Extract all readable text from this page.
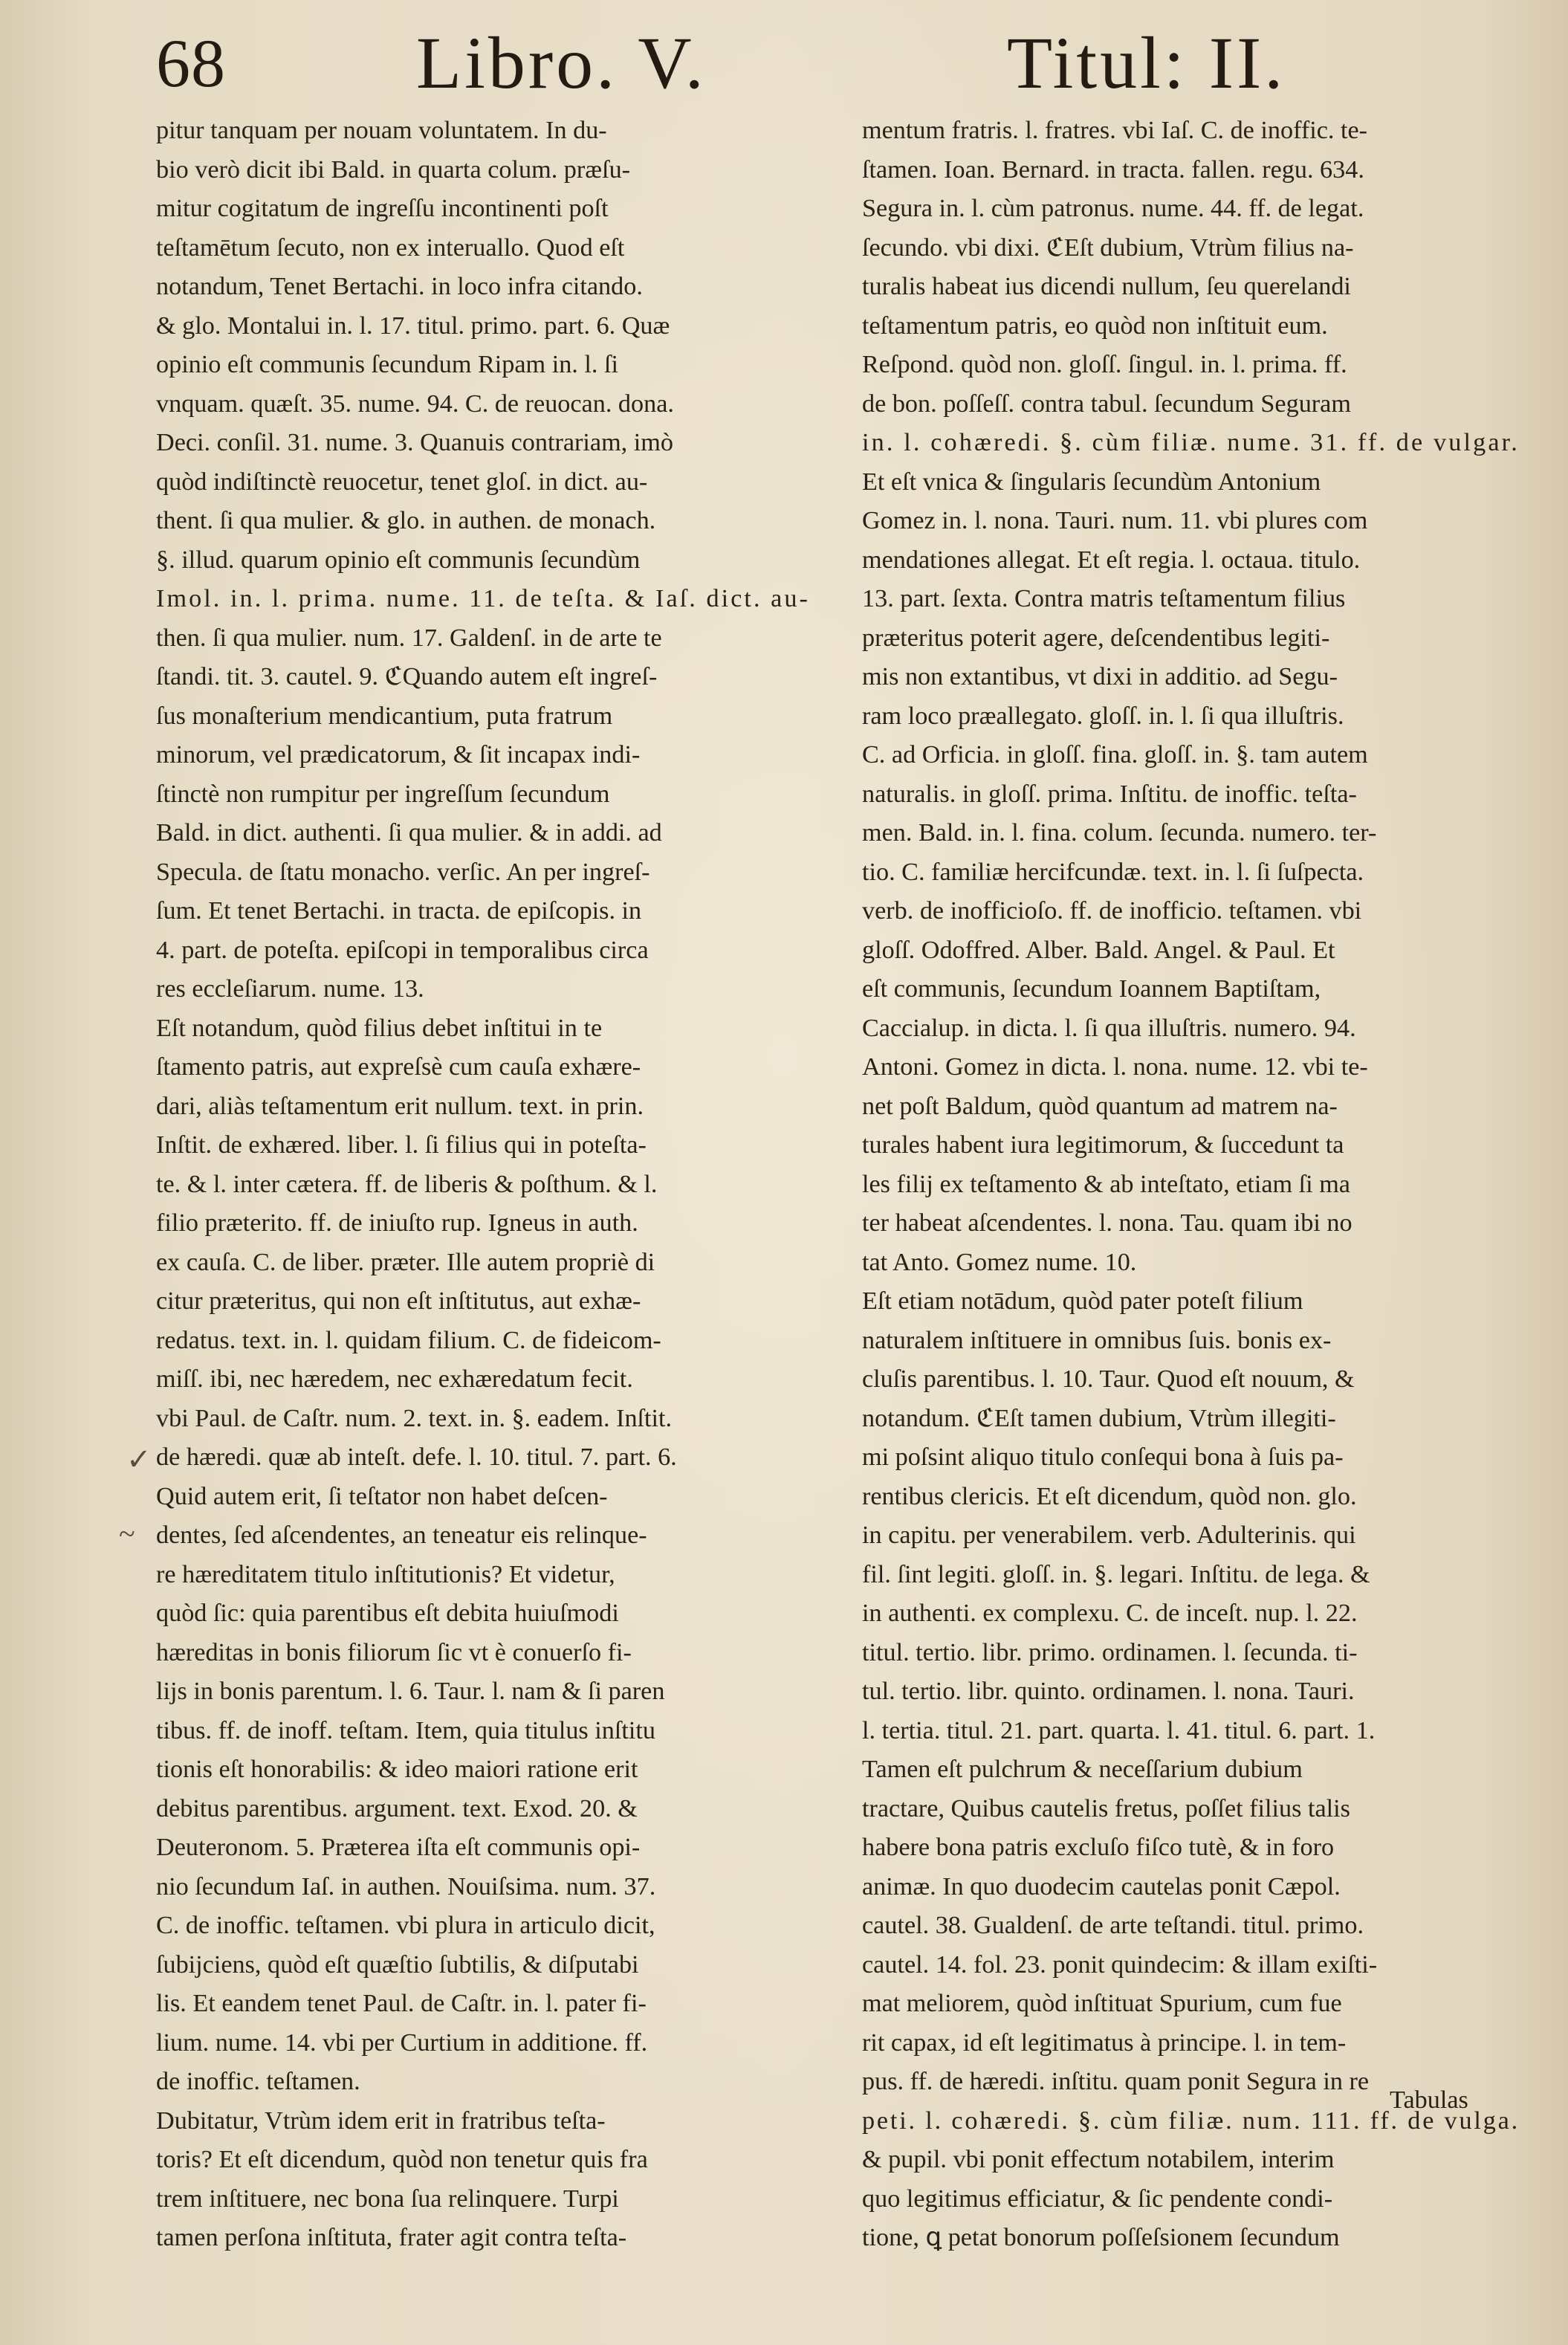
68	Libro. V.	Titul: II.
pitur tanquam per nouam voluntatem. In du-
bio verò dicit ibi Bald. in quarta colum. præſu-
mitur cogitatum de ingreſſu incontinenti poſt
teſtamētum ſecuto, non ex interuallo. Quod eſt
notandum, Tenet Bertachi. in loco infra citando.
& glo. Montalui in. l. 17. titul. primo. part. 6. Quæ
opinio eſt communis ſecundum Ripam in. l. ſi
vnquam. quæſt. 35. nume. 94. C. de reuocan. dona.
Deci. conſil. 31. nume. 3. Quanuis contrariam, imò
quòd indiſtinctè reuocetur, tenet gloſ. in dict. au-
thent. ſi qua mulier. & glo. in authen. de monach.
§. illud. quarum opinio eſt communis ſecundùm
Imol. in. l. prima. nume. 11. de teſta. & Iaſ. dict. au-
then. ſi qua mulier. num. 17. Galdenſ. in de arte te
ſtandi. tit. 3. cautel. 9. ℭQuando autem eſt ingreſ-
ſus monaſterium mendicantium, puta fratrum
minorum, vel prædicatorum, & ſit incapax indi-
ſtinctè non rumpitur per ingreſſum ſecundum
Bald. in dict. authenti. ſi qua mulier. & in addi. ad
Specula. de ſtatu monacho. verſic. An per ingreſ-
ſum. Et tenet Bertachi. in tracta. de epiſcopis. in
4. part. de poteſta. epiſcopi in temporalibus circa
res eccleſiarum. nume. 13.
Eſt notandum, quòd filius debet inſtitui in te
ſtamento patris, aut expreſsè cum cauſa exhære-
dari, aliàs teſtamentum erit nullum. text. in prin.
Inſtit. de exhæred. liber. l. ſi filius qui in poteſta-
te. & l. inter cætera. ff. de liberis & poſthum. & l.
filio præterito. ff. de iniuſto rup. Igneus in auth.
ex cauſa. C. de liber. præter. Ille autem propriè di
citur præteritus, qui non eſt inſtitutus, aut exhæ-
redatus. text. in. l. quidam filium. C. de fideicom-
miſſ. ibi, nec hæredem, nec exhæredatum fecit.
vbi Paul. de Caſtr. num. 2. text. in. §. eadem. Inſtit.
de hæredi. quæ ab inteſt. defe. l. 10. titul. 7. part. 6.
Quid autem erit, ſi teſtator non habet deſcen-
dentes, ſed aſcendentes, an teneatur eis relinque-
re hæreditatem titulo inſtitutionis? Et videtur,
quòd ſic: quia parentibus eſt debita huiuſmodi
hæreditas in bonis filiorum ſic vt è conuerſo fi-
lijs in bonis parentum. l. 6. Taur. l. nam & ſi paren
tibus. ff. de inoff. teſtam. Item, quia titulus inſtitu
tionis eſt honorabilis: & ideo maiori ratione erit
debitus parentibus. argument. text. Exod. 20. &
Deuteronom. 5. Præterea iſta eſt communis opi-
nio ſecundum Iaſ. in authen. Nouiſsima. num. 37.
C. de inoffic. teſtamen. vbi plura in articulo dicit,
ſubijciens, quòd eſt quæſtio ſubtilis, & diſputabi
lis. Et eandem tenet Paul. de Caſtr. in. l. pater fi-
lium. nume. 14. vbi per Curtium in additione. ff.
de inoffic. teſtamen.
Dubitatur, Vtrùm idem erit in fratribus teſta-
toris? Et eſt dicendum, quòd non tenetur quis fra
trem inſtituere, nec bona ſua relinquere. Turpi
tamen perſona inſtituta, frater agit contra teſta-
mentum fratris. l. fratres. vbi Iaſ. C. de inoffic. te-
ſtamen. Ioan. Bernard. in tracta. fallen. regu. 634.
Segura in. l. cùm patronus. nume. 44. ff. de legat.
ſecundo. vbi dixi. ℭEſt dubium, Vtrùm filius na-
turalis habeat ius dicendi nullum, ſeu querelandi
teſtamentum patris, eo quòd non inſtituit eum.
Reſpond. quòd non. gloſſ. ſingul. in. l. prima. ff.
de bon. poſſeſſ. contra tabul. ſecundum Seguram
in. l. cohæredi. §. cùm filiæ. nume. 31. ff. de vulgar.
Et eſt vnica & ſingularis ſecundùm Antonium
Gomez in. l. nona. Tauri. num. 11. vbi plures com
mendationes allegat. Et eſt regia. l. octaua. titulo.
13. part. ſexta. Contra matris teſtamentum filius
præteritus poterit agere, deſcendentibus legiti-
mis non extantibus, vt dixi in additio. ad Segu-
ram loco præallegato. gloſſ. in. l. ſi qua illuſtris.
C. ad Orficia. in gloſſ. fina. gloſſ. in. §. tam autem
naturalis. in gloſſ. prima. Inſtitu. de inoffic. teſta-
men. Bald. in. l. fina. colum. ſecunda. numero. ter-
tio. C. familiæ hercifcundæ. text. in. l. ſi ſuſpecta.
verb. de inofficioſo. ff. de inofficio. teſtamen. vbi
gloſſ. Odoffred. Alber. Bald. Angel. & Paul. Et
eſt communis, ſecundum Ioannem Baptiſtam,
Caccialup. in dicta. l. ſi qua illuſtris. numero. 94.
Antoni. Gomez in dicta. l. nona. nume. 12. vbi te-
net poſt Baldum, quòd quantum ad matrem na-
turales habent iura legitimorum, & ſuccedunt ta
les filij ex teſtamento & ab inteſtato, etiam ſi ma
ter habeat aſcendentes. l. nona. Tau. quam ibi no
tat Anto. Gomez nume. 10.
Eſt etiam notādum, quòd pater poteſt filium
naturalem inſtituere in omnibus ſuis. bonis ex-
cluſis parentibus. l. 10. Taur. Quod eſt nouum, &
notandum. ℭEſt tamen dubium, Vtrùm illegiti-
mi poſsint aliquo titulo conſequi bona à ſuis pa-
rentibus clericis. Et eſt dicendum, quòd non. glo.
in capitu. per venerabilem. verb. Adulterinis. qui
fil. ſint legiti. gloſſ. in. §. legari. Inſtitu. de lega. &
in authenti. ex complexu. C. de inceſt. nup. l. 22.
titul. tertio. libr. primo. ordinamen. l. ſecunda. ti-
tul. tertio. libr. quinto. ordinamen. l. nona. Tauri.
l. tertia. titul. 21. part. quarta. l. 41. titul. 6. part. 1.
Tamen eſt pulchrum & neceſſarium dubium
tractare, Quibus cautelis fretus, poſſet filius talis
habere bona patris excluſo fiſco tutè, & in foro
animæ. In quo duodecim cautelas ponit Cæpol.
cautel. 38. Gualdenſ. de arte teſtandi. titul. primo.
cautel. 14. fol. 23. ponit quindecim: & illam exiſti-
mat meliorem, quòd inſtituat Spurium, cum fue
rit capax, id eſt legitimatus à principe. l. in tem-
pus. ff. de hæredi. inſtitu. quam ponit Segura in re
peti. l. cohæredi. §. cùm filiæ. num. 111. ff. de vulga.
& pupil. vbi ponit effectum notabilem, interim
quo legitimus efficiatur, & ſic pendente condi-
tione, ꝗ petat bonorum poſſeſsionem ſecundum
✓
~
Tabulas
